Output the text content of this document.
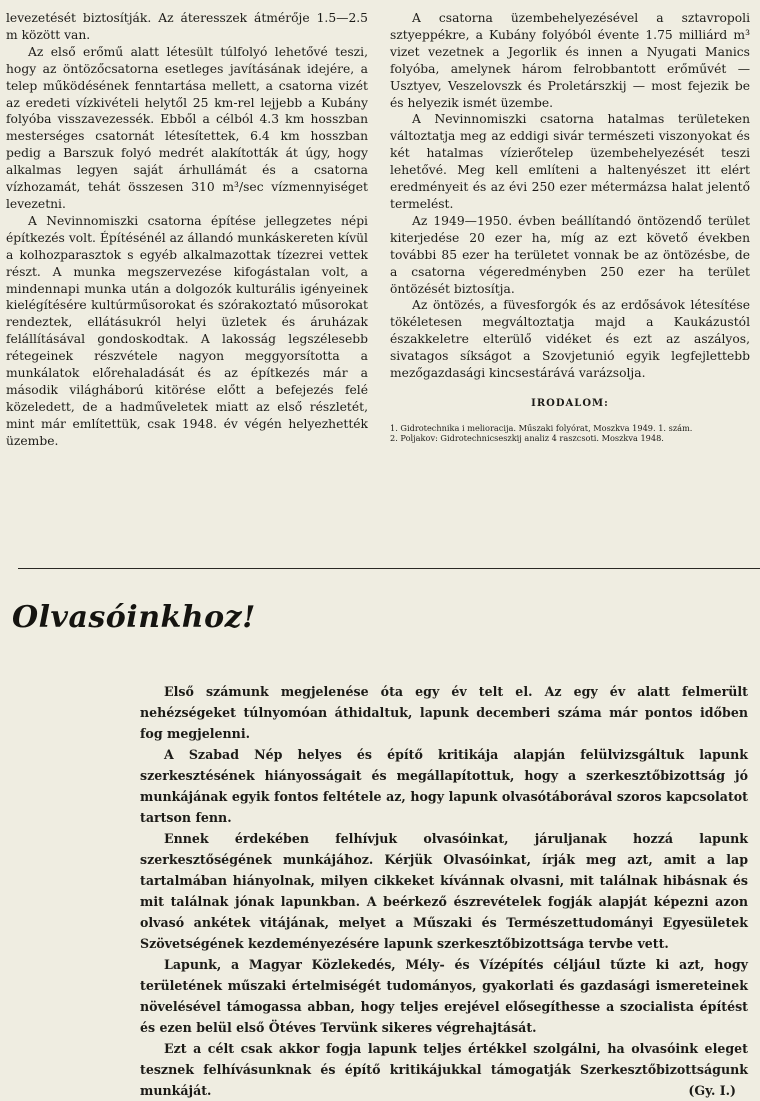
levezetését biztosítják. Az áteresszek átmérője 1.5—2.5 m között van.

Az első erőmű alatt létesült túlfolyó lehetővé teszi, hogy az öntözőcsatorna esetleges javításának idejére, a telep működésének fenntartása mellett, a csatorna vizét az eredeti vízkivételi helytől 25 km-rel lejjebb a Kubány folyóba visszavezessék. Ebből a célból 4.3 km hosszban mesterséges csatornát létesítettek, 6.4 km hosszban pedig a Barszuk folyó medrét alakították át úgy, hogy alkalmas legyen saját árhullámát és a csatorna vízhozamát, tehát összesen 310 m³/sec vízmennyiséget levezetni.

A Nevinnomiszki csatorna építése jellegzetes népi építkezés volt. Építésénél az állandó munkáskereten kívül a kolhozparasztok s egyéb alkalmazottak tízezrei vettek részt. A munka megszervezése kifogástalan volt, a mindennapi munka után a dolgozók kulturális igényeinek kielégítésére kultúrműsorokat és szórakoztató műsorokat rendeztek, ellátásukról helyi üzletek és áruházak felállításával gondoskodtak. A lakosság legszélesebb rétegeinek részvétele nagyon meggyorsította a munkálatok előrehaladását és az építkezés már a második világháború kitörése előtt a befejezés felé közeledett, de a hadműveletek miatt az első részletét, mint már említettük, csak 1948. év végén helyezhették üzembe.

A csatorna üzembehelyezésével a sztavropoli sztyeppékre, a Kubány folyóból évente 1.75 milliárd m³ vizet vezetnek a Jegorlik és innen a Nyugati Manics folyóba, amelynek három felrobbantott erőművét — Usztyev, Veszelovszk és Proletárszkij — most fejezik be és helyezik ismét üzembe.

A Nevinnomiszki csatorna hatalmas területeken változtatja meg az eddigi sivár természeti viszonyokat és két hatalmas vízierőtelep üzembehelyezését teszi lehetővé. Meg kell említeni a haltenyészet itt elért eredményeit és az évi 250 ezer métermázsa halat jelentő termelést.

Az 1949—1950. évben beállítandó öntözendő terület kiterjedése 20 ezer ha, míg az ezt követő években további 85 ezer ha területet vonnak be az öntözésbe, de a csatorna végeredményben 250 ezer ha terület öntözését biztosítja.

Az öntözés, a füvesforgók és az erdősávok létesítése tökéletesen megváltoztatja majd a Kaukázustól északkeletre elterülő vidéket és ezt az aszályos, sivatagos síkságot a Szovjetunió egyik legfejlettebb mezőgazdasági kincsestárává varázsolja.

IRODALOM:
1. Gidrotechnika i melioracija. Műszaki folyórat, Moszkva 1949. 1. szám.
2. Poljakov: Gidrotechnicseszkij analiz 4 raszcsoti. Moszkva 1948.
Olvasóinkhoz!

Első számunk megjelenése óta egy év telt el. Az egy év alatt felmerült nehézségeket túlnyomóan áthidaltuk, lapunk decemberi száma már pontos időben fog megjelenni.

A Szabad Nép helyes és építő kritikája alapján felülvizsgáltuk lapunk szerkesztésének hiányosságait és megállapítottuk, hogy a szerkesztőbizottság jó munkájának egyik fontos feltétele az, hogy lapunk olvasótáborával szoros kapcsolatot tartson fenn.

Ennek érdekében felhívjuk olvasóinkat, járuljanak hozzá lapunk szerkesztőségének munkájához. Kérjük Olvasóinkat, írják meg azt, amit a lap tartalmában hiányolnak, milyen cikkeket kívánnak olvasni, mit találnak hibásnak és mit találnak jónak lapunkban. A beérkező észrevételek fogják alapját képezni azon olvasó ankétek vitájának, melyet a Műszaki és Természettudományi Egyesületek Szövetségének kezdeményezésére lapunk szerkesztőbizottsága tervbe vett.

Lapunk, a Magyar Közlekedés, Mély- és Vízépítés céljául tűzte ki azt, hogy területének műszaki értelmiségét tudományos, gyakorlati és gazdasági ismereteinek növelésével támogassa abban, hogy teljes erejével elősegíthesse a szocialista építést és ezen belül első Ötéves Tervünk sikeres végrehajtását.

Ezt a célt csak akkor fogja lapunk teljes értékkel szolgálni, ha olvasóink eleget tesznek felhívásunknak és építő kritikájukkal támogatják Szerkesztőbizottságunk munkáját.	(Gy. I.)
